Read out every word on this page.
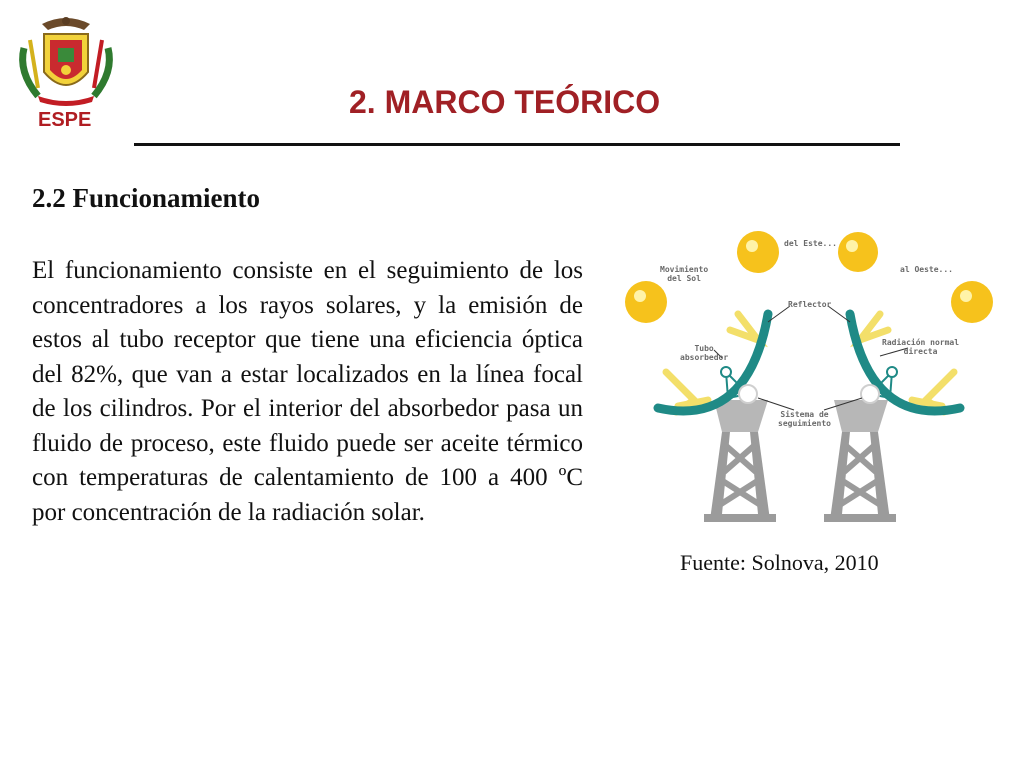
ESPE	2. MARCO TEÓRICO
2.2 Funcionamiento

El funcionamiento consiste en el seguimiento de los concentradores a los rayos solares, y la emisión de estos al tubo receptor que tiene una eficiencia óptica del 82%, que van a estar localizados en la línea focal de los cilindros. Por el interior del absorbedor pasa un fluido de proceso, este fluido puede ser aceite térmico con temperaturas de calentamiento de 100 a 400 ºC por concentración de la radiación solar.

del Este...
Movimiento
del Sol
al Oeste...
Reflector
Tubo
absorbedor
Radiación normal
directa
Sistema de
seguimiento
Fuente: Solnova, 2010
